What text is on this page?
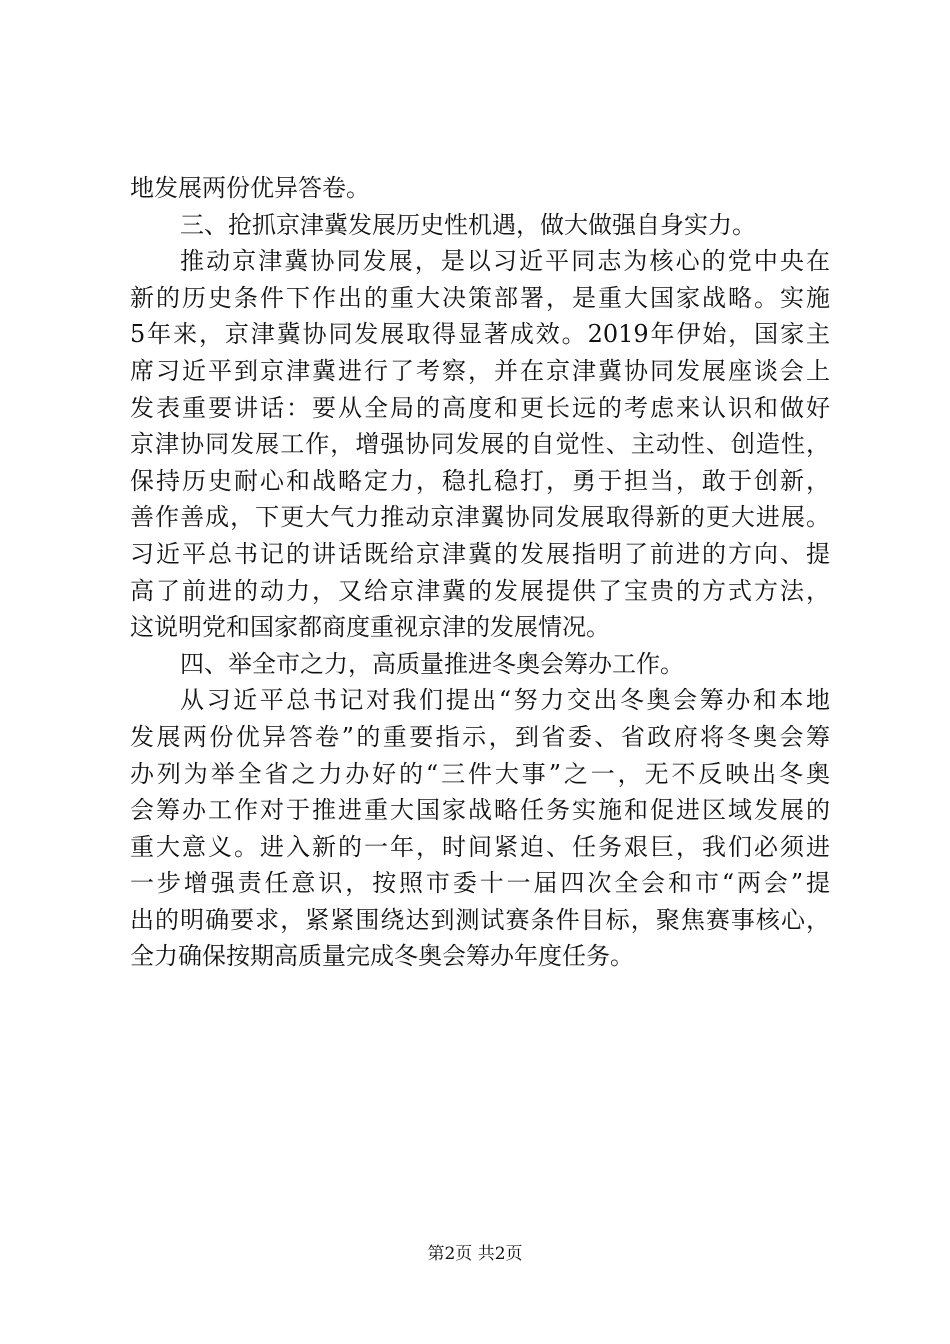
地发展两份优异答卷。
三、抢抓京津冀发展历史性机遇，做大做强自身实力。
推动京津冀协同发展，是以习近平同志为核心的党中央在
新的历史条件下作出的重大决策部署，是重大国家战略。实施
5年来，京津冀协同发展取得显著成效。2019年伊始，国家主
席习近平到京津冀进行了考察，并在京津冀协同发展座谈会上
发表重要讲话：要从全局的高度和更长远的考虑来认识和做好
京津协同发展工作，增强协同发展的自觉性、主动性、创造性，
保持历史耐心和战略定力，稳扎稳打，勇于担当，敢于创新，
善作善成，下更大气力推动京津翼协同发展取得新的更大进展。
习近平总书记的讲话既给京津冀的发展指明了前进的方向、提
高了前进的动力，又给京津冀的发展提供了宝贵的方式方法，
这说明党和国家都商度重视京津的发展情况。
四、举全市之力，高质量推进冬奥会筹办工作。
从习近平总书记对我们提出“努力交出冬奥会筹办和本地
发展两份优异答卷”的重要指示，到省委、省政府将冬奥会筹
办列为举全省之力办好的“三件大事”之一，无不反映出冬奥
会筹办工作对于推进重大国家战略任务实施和促进区域发展的
重大意义。进入新的一年，时间紧迫、任务艰巨，我们必须进
一步增强责任意识，按照市委十一届四次全会和市“两会”提
出的明确要求，紧紧围绕达到测试赛条件目标，聚焦赛事核心，
全力确保按期高质量完成冬奥会筹办年度任务。
第2页 共2页
